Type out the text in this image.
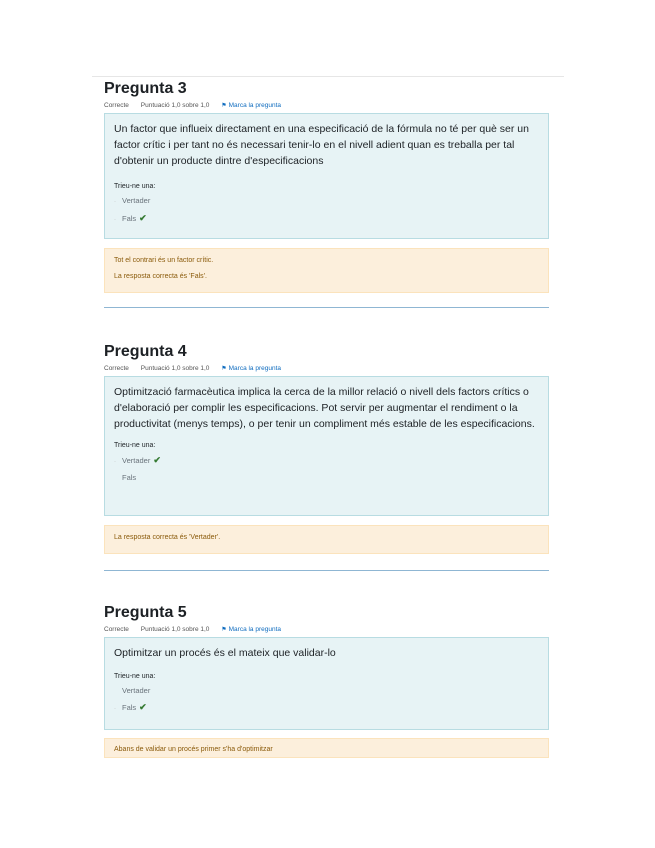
Pregunta 3
Correcte Puntuació 1,0 sobre 1,0 ⚑ Marca la pregunta
Un factor que influeix directament en una especificació de la fórmula no té per què ser un factor crític i per tant no és necessari tenir-lo en el nivell adient quan es treballa per tal d'obtenir un producte dintre d'especificacions
Trieu-ne una:
· Vertader
· Fals ✔
Tot el contrari és un factor crític.
La resposta correcta és 'Fals'.
Pregunta 4
Correcte Puntuació 1,0 sobre 1,0 ⚑ Marca la pregunta
Optimització farmacèutica implica la cerca de la millor relació o nivell dels factors crítics o d'elaboració per complir les especificacions. Pot servir per augmentar el rendiment o la productivitat (menys temps), o per tenir un compliment més estable de les especificacions.
Trieu-ne una:
· Vertader ✔
Fals
La resposta correcta és 'Vertader'.
Pregunta 5
Correcte Puntuació 1,0 sobre 1,0 ⚑ Marca la pregunta
Optimitzar un procés és el mateix que validar-lo
Trieu-ne una:
Vertader
· Fals ✔
Abans de validar un procés primer s'ha d'optimitzar
